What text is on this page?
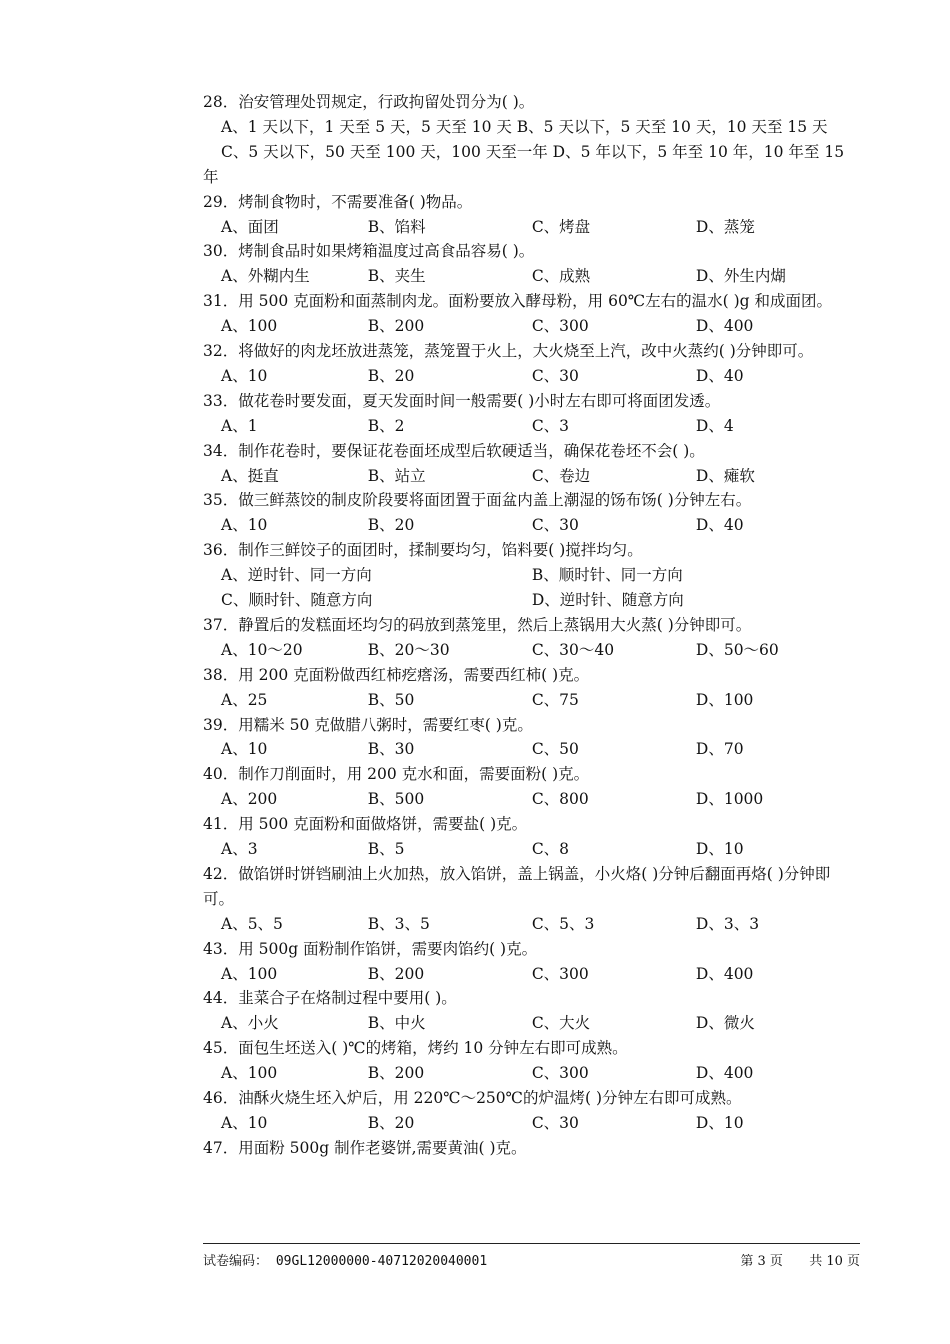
28．治安管理处罚规定，行政拘留处罚分为( )。

A、1 天以下，1 天至 5 天，5 天至 10 天 B、5 天以下，5 天至 10 天，10 天至 15 天

C、5 天以下，50 天至 100 天，100 天至一年 D、5 年以下，5 年至 10 年，10 年至 15 年

29．烤制食物时，不需要准备( )物品。

A、面团	B、馅料	C、烤盘	D、蒸笼

30．烤制食品时如果烤箱温度过高食品容易( )。

A、外糊内生	B、夹生	C、成熟	D、外生内煳

31．用 500 克面粉和面蒸制肉龙。面粉要放入酵母粉，用 60℃左右的温水( )g 和成面团。

A、100	B、200	C、300	D、400

32．将做好的肉龙坯放进蒸笼，蒸笼置于火上，大火烧至上汽，改中火蒸约( )分钟即可。

A、10	B、20	C、30	D、40

33．做花卷时要发面，夏天发面时间一般需要( )小时左右即可将面团发透。

A、1	B、2	C、3	D、4

34．制作花卷时，要保证花卷面坯成型后软硬适当，确保花卷坯不会( )。

A、挺直	B、站立	C、卷边	D、瘫软

35．做三鲜蒸饺的制皮阶段要将面团置于面盆内盖上潮湿的饧布饧( )分钟左右。

A、10	B、20	C、30	D、40

36．制作三鲜饺子的面团时，揉制要均匀，馅料要( )搅拌均匀。

A、逆时针、同一方向	B、顺时针、同一方向
C、顺时针、随意方向	D、逆时针、随意方向

37．静置后的发糕面坯均匀的码放到蒸笼里，然后上蒸锅用大火蒸( )分钟即可。

A、10～20	B、20～30	C、30～40	D、50～60

38．用 200 克面粉做西红柿疙瘩汤，需要西红柿( )克。

A、25	B、50	C、75	D、100

39．用糯米 50 克做腊八粥时，需要红枣( )克。

A、10	B、30	C、50	D、70

40．制作刀削面时，用 200 克水和面，需要面粉( )克。

A、200	B、500	C、800	D、1000

41．用 500 克面粉和面做烙饼，需要盐( )克。

A、3	B、5	C、8	D、10

42．做馅饼时饼铛刷油上火加热，放入馅饼，盖上锅盖，小火烙( )分钟后翻面再烙( )分钟即可。

A、5、5	B、3、5	C、5、3	D、3、3

43．用 500g 面粉制作馅饼，需要肉馅约( )克。

A、100	B、200	C、300	D、400

44．韭菜合子在烙制过程中要用( )。

A、小火	B、中火	C、大火	D、微火

45．面包生坯送入( )℃的烤箱，烤约 10 分钟左右即可成熟。

A、100	B、200	C、300	D、400

46．油酥火烧生坯入炉后，用 220℃～250℃的炉温烤( )分钟左右即可成熟。

A、10	B、20	C、30	D、10

47．用面粉 500g 制作老婆饼,需要黄油( )克。

试卷编码： 09GL12000000-40712020040001	第 3 页 共 10 页
